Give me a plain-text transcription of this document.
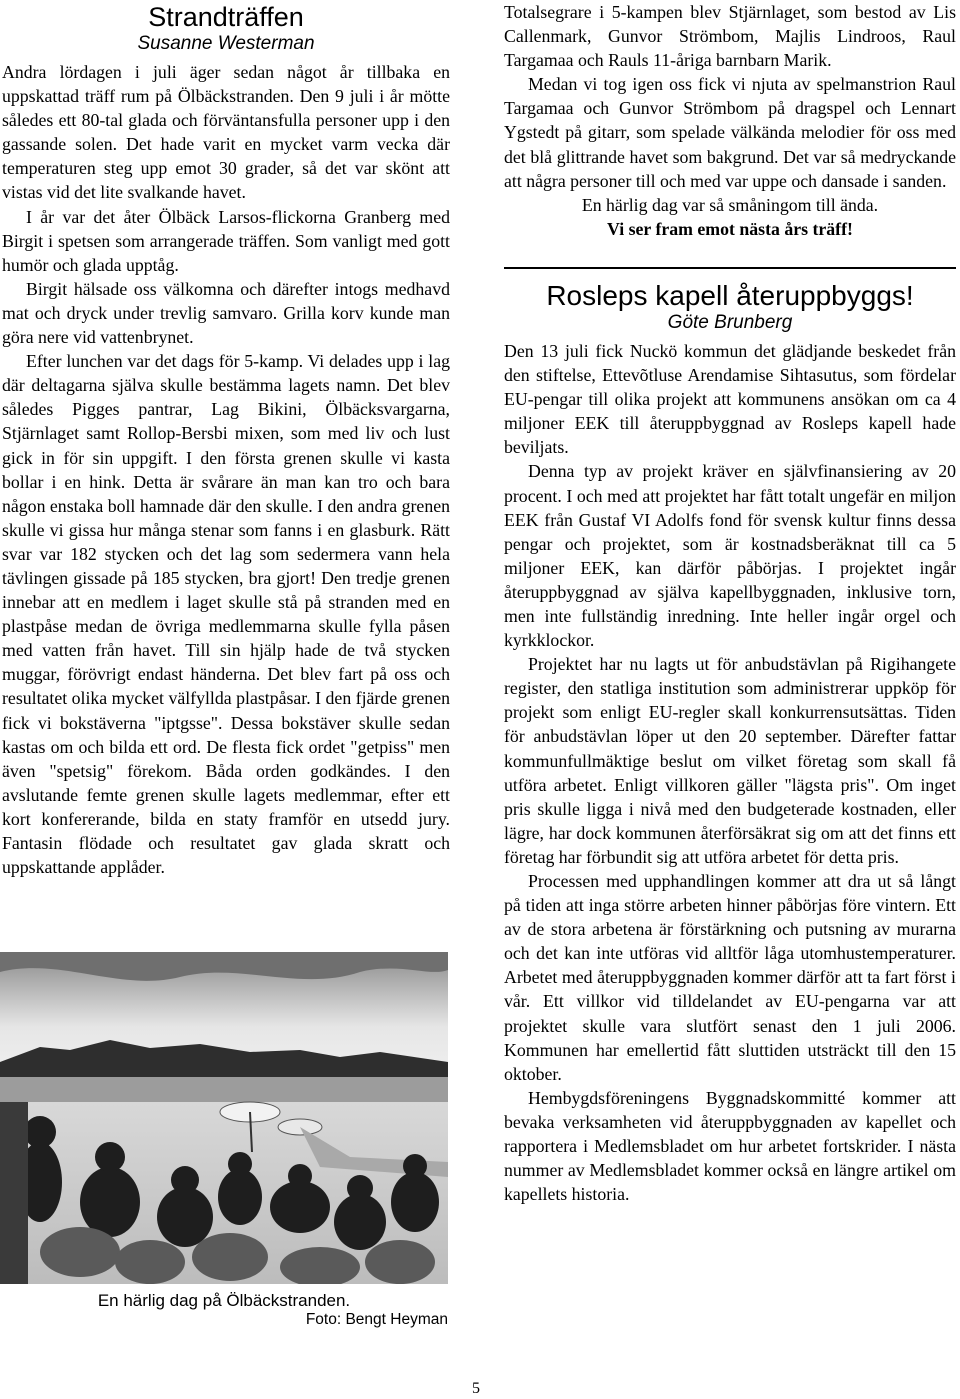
Strandträffen
Susanne Westerman

Andra lördagen i juli äger sedan något år tillbaka en uppskattad träff rum på Ölbäckstranden. Den 9 juli i år mötte således ett 80-tal glada och förväntansfulla personer upp i den gassande solen. Det hade varit en mycket varm vecka där temperaturen steg upp emot 30 grader, så det var skönt att vistas vid det lite svalkande havet.

I år var det åter Ölbäck Larsos-flickorna Granberg med Birgit i spetsen som arrangerade träffen. Som vanligt med gott humör och glada upptåg.

Birgit hälsade oss välkomna och därefter intogs medhavd mat och dryck under trevlig samvaro. Grilla korv kunde man göra nere vid vattenbrynet.

Efter lunchen var det dags för 5-kamp. Vi delades upp i lag där deltagarna själva skulle bestämma lagets namn. Det blev således Pigges pantrar, Lag Bikini, Ölbäcksvargarna, Stjärnlaget samt Rollop-Bersbi mixen, som med liv och lust gick in för sin uppgift. I den första grenen skulle vi kasta bollar i en hink. Detta är svårare än man kan tro och bara någon enstaka boll hamnade där den skulle. I den andra grenen skulle vi gissa hur många stenar som fanns i en glasburk. Rätt svar var 182 stycken och det lag som sedermera vann hela tävlingen gissade på 185 stycken, bra gjort! Den tredje grenen innebar att en medlem i laget skulle stå på stranden med en plastpåse medan de övriga medlemmarna skulle fylla påsen med vatten från havet. Till sin hjälp hade de två stycken muggar, förövrigt endast händerna. Det blev fart på oss och resultatet olika mycket välfyllda plastpåsar. I den fjärde grenen fick vi bokstäverna "iptgsse". Dessa bokstäver skulle sedan kastas om och bilda ett ord. De flesta fick ordet "getpiss" men även "spetsig" förekom. Båda orden godkändes. I den avslutande femte grenen skulle lagets medlemmar, efter ett kort konfererande, bilda en staty framför en utsedd jury. Fantasin flödade och resultatet gav glada skratt och uppskattande applåder.

En härlig dag på Ölbäckstranden.
Foto: Bengt Heyman

Totalsegrare i 5-kampen blev Stjärnlaget, som bestod av Lis Callenmark, Gunvor Strömbom, Majlis Lindroos, Raul Targamaa och Rauls 11-åriga barnbarn Marik.

Medan vi tog igen oss fick vi njuta av spelmanstrion Raul Targamaa och Gunvor Strömbom på dragspel och Lennart Ygstedt på gitarr, som spelade välkända melodier för oss med det blå glittrande havet som bakgrund. Det var så medryckande att några personer till och med var uppe och dansade i sanden.

En härlig dag var så småningom till ända.

Vi ser fram emot nästa års träff!

Rosleps kapell återuppbyggs!
Göte Brunberg

Den 13 juli fick Nuckö kommun det glädjande beskedet från den stiftelse, Ettevõtluse Arendamise Sihtasutus, som fördelar EU-pengar till olika projekt att kommunens ansökan om ca 4 miljoner EEK till återuppbyggnad av Rosleps kapell hade beviljats.

Denna typ av projekt kräver en självfinansiering av 20 procent. I och med att projektet har fått totalt ungefär en miljon EEK från Gustaf VI Adolfs fond för svensk kultur finns dessa pengar och projektet, som är kostnadsberäknat till ca 5 miljoner EEK, kan därför påbörjas. I projektet ingår återuppbyggnad av själva kapellbyggnaden, inklusive torn, men inte fullständig inredning. Inte heller ingår orgel och kyrkklockor.

Projektet har nu lagts ut för anbudstävlan på Rigihangete register, den statliga institution som administrerar uppköp för projekt som enligt EU-regler skall konkurrensutsättas. Tiden för anbudstävlan löper ut den 20 september. Därefter fattar kommunfullmäktige beslut om vilket företag som skall få utföra arbetet. Enligt villkoren gäller "lägsta pris". Om inget pris skulle ligga i nivå med den budgeterade kostnaden, eller lägre, har dock kommunen återförsäkrat sig om att det finns ett företag har förbundit sig att utföra arbetet för detta pris.

Processen med upphandlingen kommer att dra ut så långt på tiden att inga större arbeten hinner påbörjas före vintern. Ett av de stora arbetena är förstärkning och putsning av murarna och det kan inte utföras vid alltför låga utomhustemperaturer. Arbetet med återuppbyggnaden kommer därför att ta fart först i vår. Ett villkor vid tilldelandet av EU-pengarna var att projektet skulle vara slutfört senast den 1 juli 2006. Kommunen har emellertid fått sluttiden utsträckt till den 15 oktober.

Hembygdsföreningens Byggnadskommitté kommer att bevaka verksamheten vid återuppbyggnaden av kapellet och rapportera i Medlemsbladet om hur arbetet fortskrider. I nästa nummer av Medlemsbladet kommer också en längre artikel om kapellets historia.

5
